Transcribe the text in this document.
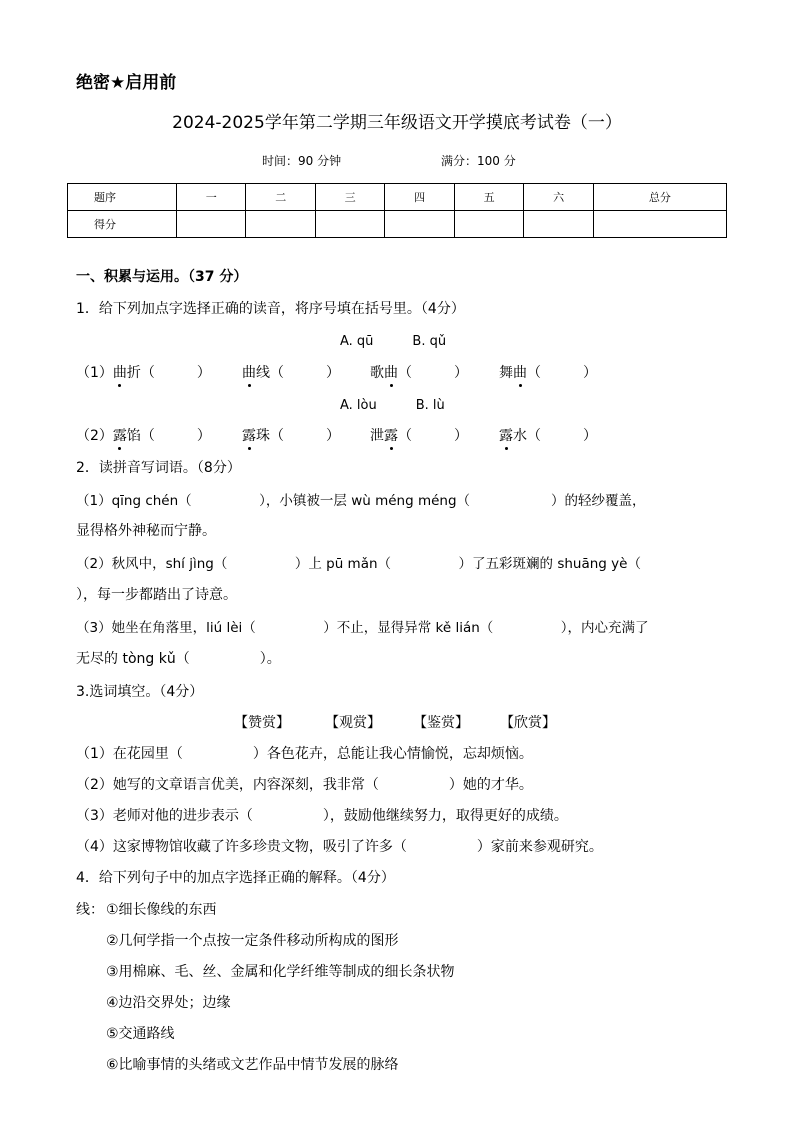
绝密★启用前
2024-2025学年第二学期三年级语文开学摸底考试卷（一）
时间：90 分钟	满分：100 分
题序	一	二	三	四	五	六	总分
得分							
一、积累与运用。（37 分）
1．给下列加点字选择正确的读音，将序号填在括号里。（4分）
A. qū　　　B. qǔ
（1）曲折（　　　） 曲线（　　　） 歌曲（　　　） 舞曲（　　　）
A. lòu　　　B. lù
（2）露馅（　　　） 露珠（　　　） 泄露（　　　） 露水（　　　）
2．读拼音写词语。（8分）
（1）qīng chén（　　　　　），小镇被一层 wù méng méng（　　　　　　）的轻纱覆盖，
显得格外神秘而宁静。
（2）秋风中，shí jìng（　　　　　）上 pū mǎn（　　　　　）了五彩斑斓的 shuāng yè（
），每一步都踏出了诗意。
（3）她坐在角落里，liú lèi（　　　　　）不止，显得异常 kě lián（　　　　　），内心充满了
无尽的 tòng kǔ（　　　　　）。
3.选词填空。（4分）
【赞赏】	【观赏】 【鉴赏】 【欣赏】
（1）在花园里（　　　　　）各色花卉，总能让我心情愉悦，忘却烦恼。
（2）她写的文章语言优美，内容深刻，我非常（　　　　　）她的才华。
（3）老师对他的进步表示（　　　　　），鼓励他继续努力，取得更好的成绩。
（4）这家博物馆收藏了许多珍贵文物，吸引了许多（　　　　　）家前来参观研究。
4．给下列句子中的加点字选择正确的解释。（4分）
线： ①细长像线的东西
②几何学指一个点按一定条件移动所构成的图形
③用棉麻、毛、丝、金属和化学纤维等制成的细长条状物
④边沿交界处；边缘
⑤交通路线
⑥比喻事情的头绪或文艺作品中情节发展的脉络
